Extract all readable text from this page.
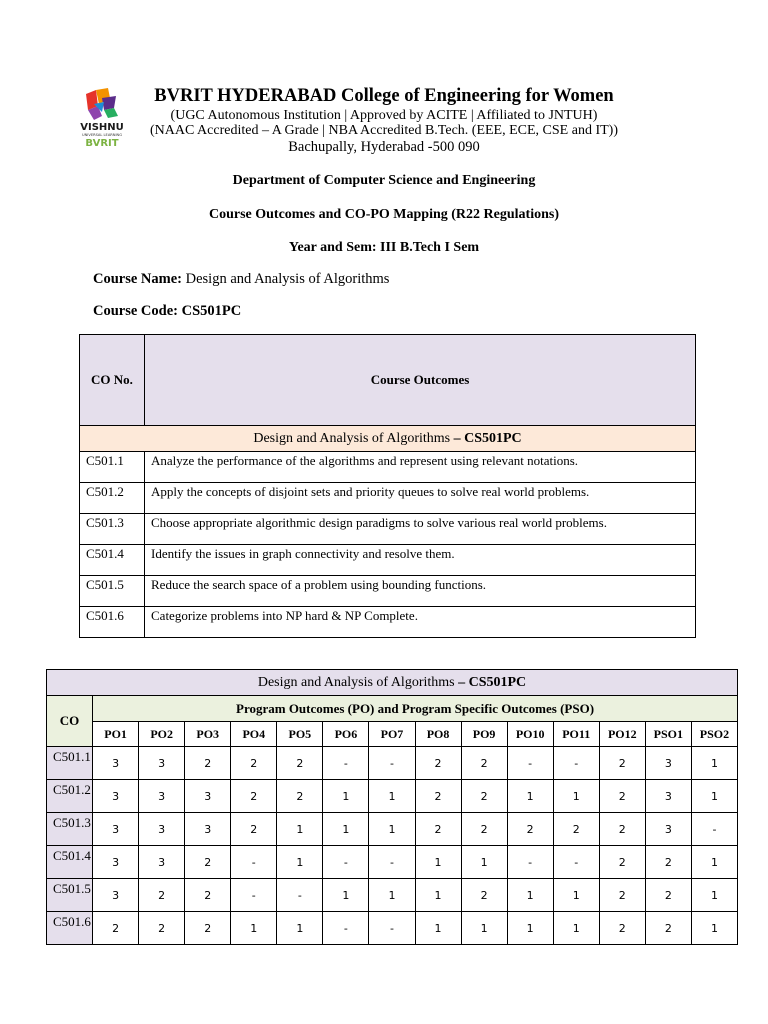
VISHNU
UNIVERSAL LEARNING
BVRIT
BVRIT HYDERABAD College of Engineering for Women
(UGC Autonomous Institution | Approved by ACITE | Affiliated to JNTUH)
(NAAC Accredited – A Grade | NBA Accredited B.Tech. (EEE, ECE, CSE and IT))
Bachupally, Hyderabad -500 090
Department of Computer Science and Engineering
Course Outcomes and CO-PO Mapping (R22 Regulations)
Year and Sem: III B.Tech I Sem
Course Name: Design and Analysis of Algorithms
Course Code: CS501PC
CO No.	Course Outcomes
Design and Analysis of Algorithms – CS501PC	
C501.1	Analyze the performance of the algorithms and represent using relevant notations.
C501.2	Apply the concepts of disjoint sets and priority queues to solve real world problems.
C501.3	Choose appropriate algorithmic design paradigms to solve various real world problems.
C501.4	Identify the issues in graph connectivity and resolve them.
C501.5	Reduce the search space of a problem using bounding functions.
C501.6	Categorize problems into NP hard & NP Complete.
Design and Analysis of Algorithms – CS501PC														
CO	Program Outcomes (PO) and Program Specific Outcomes (PSO)													
	PO1	PO2	PO3	PO4	PO5	PO6	PO7	PO8	PO9	PO10	PO11	PO12	PSO1	PSO2
C501.1	3	3	2	2	2	-	-	2	2	-	-	2	3	1
C501.2	3	3	3	2	2	1	1	2	2	1	1	2	3	1
C501.3	3	3	3	2	1	1	1	2	2	2	2	2	3	-
C501.4	3	3	2	-	1	-	-	1	1	-	-	2	2	1
C501.5	3	2	2	-	-	1	1	1	2	1	1	2	2	1
C501.6	2	2	2	1	1	-	-	1	1	1	1	2	2	1
